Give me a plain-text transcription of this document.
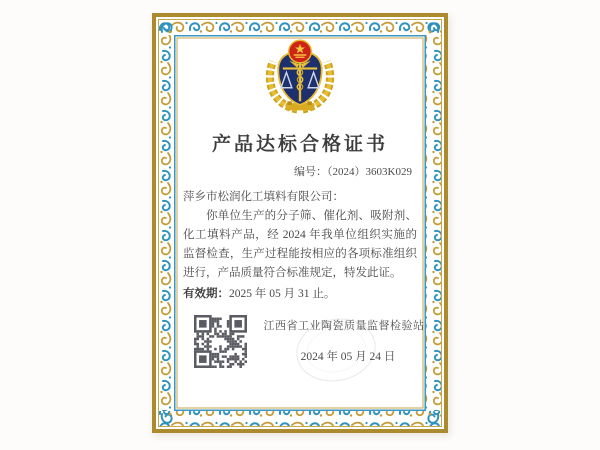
产品达标合格证书
编号：（2024）3603K029
萍乡市松润化工填料有限公司：
你单位生产的分子筛、催化剂、吸附剂、化工填料产品，经 2024 年我单位组织实施的监督检查，生产过程能按相应的各项标准组织进行，产品质量符合标准规定，特发此证。
有效期：2025 年 05 月 31 止。
江西省工业陶瓷质量监督检验站
2024 年 05 月 24 日
